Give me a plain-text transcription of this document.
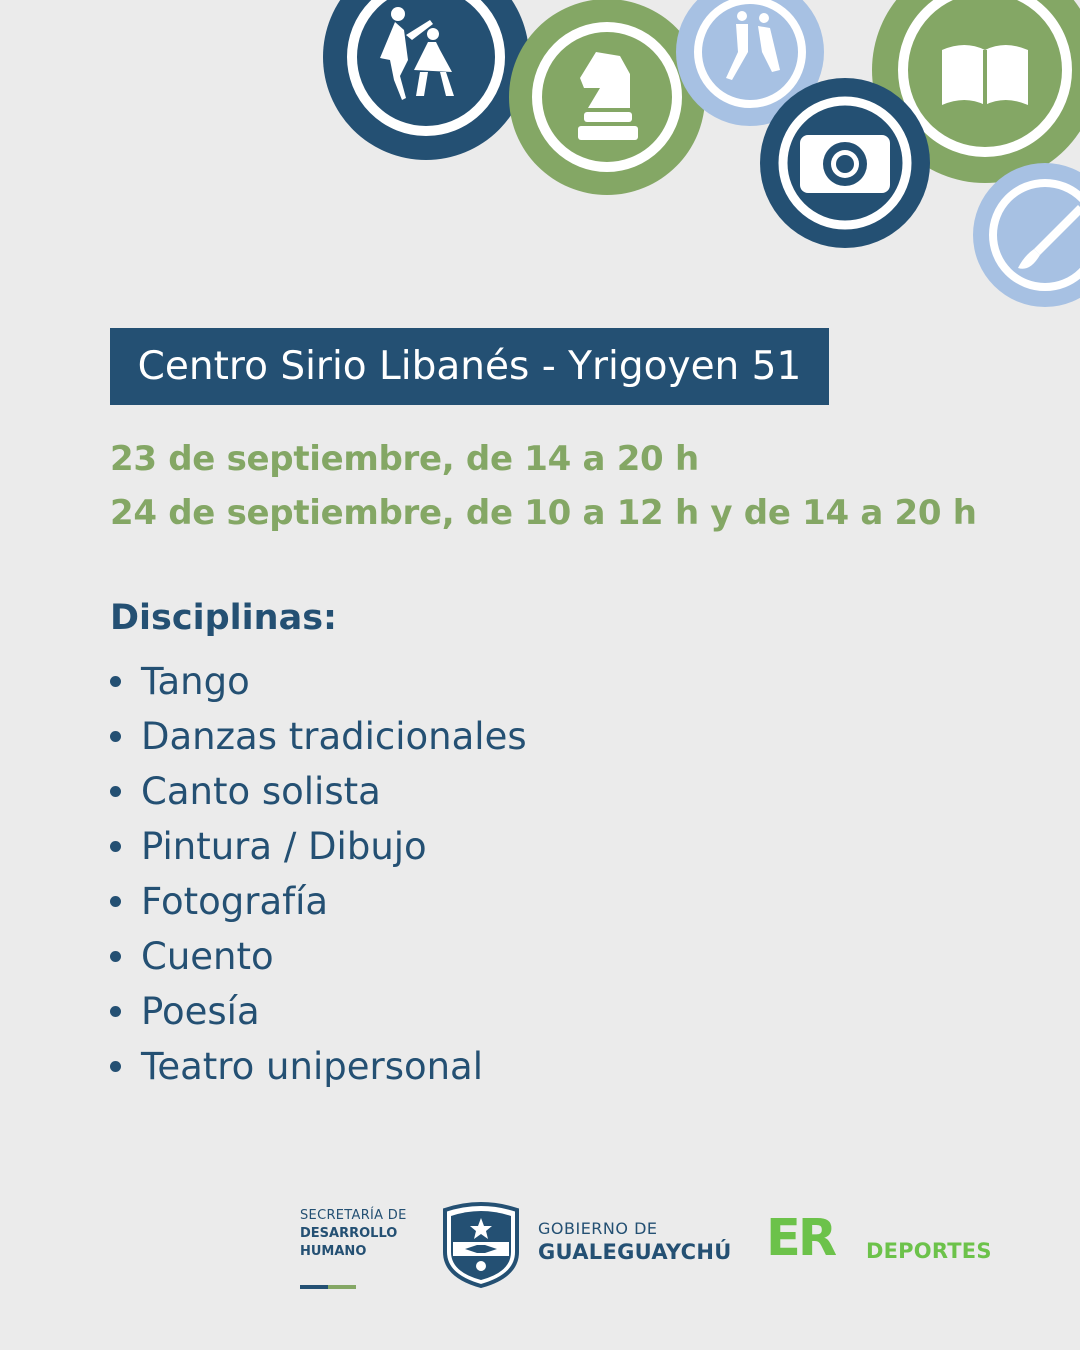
Centro Sirio Libanés - Yrigoyen 51
23 de septiembre, de 14 a 20 h
24 de septiembre, de 10 a 12 h y de 14 a 20 h
Disciplinas:
Tango
Danzas tradicionales
Canto solista
Pintura / Dibujo
Fotografía
Cuento
Poesía
Teatro unipersonal
SECRETARÍA DE
DESARROLLO
HUMANO
GOBIERNO DE
GUALEGUAYCHÚ ER DEPORTES
